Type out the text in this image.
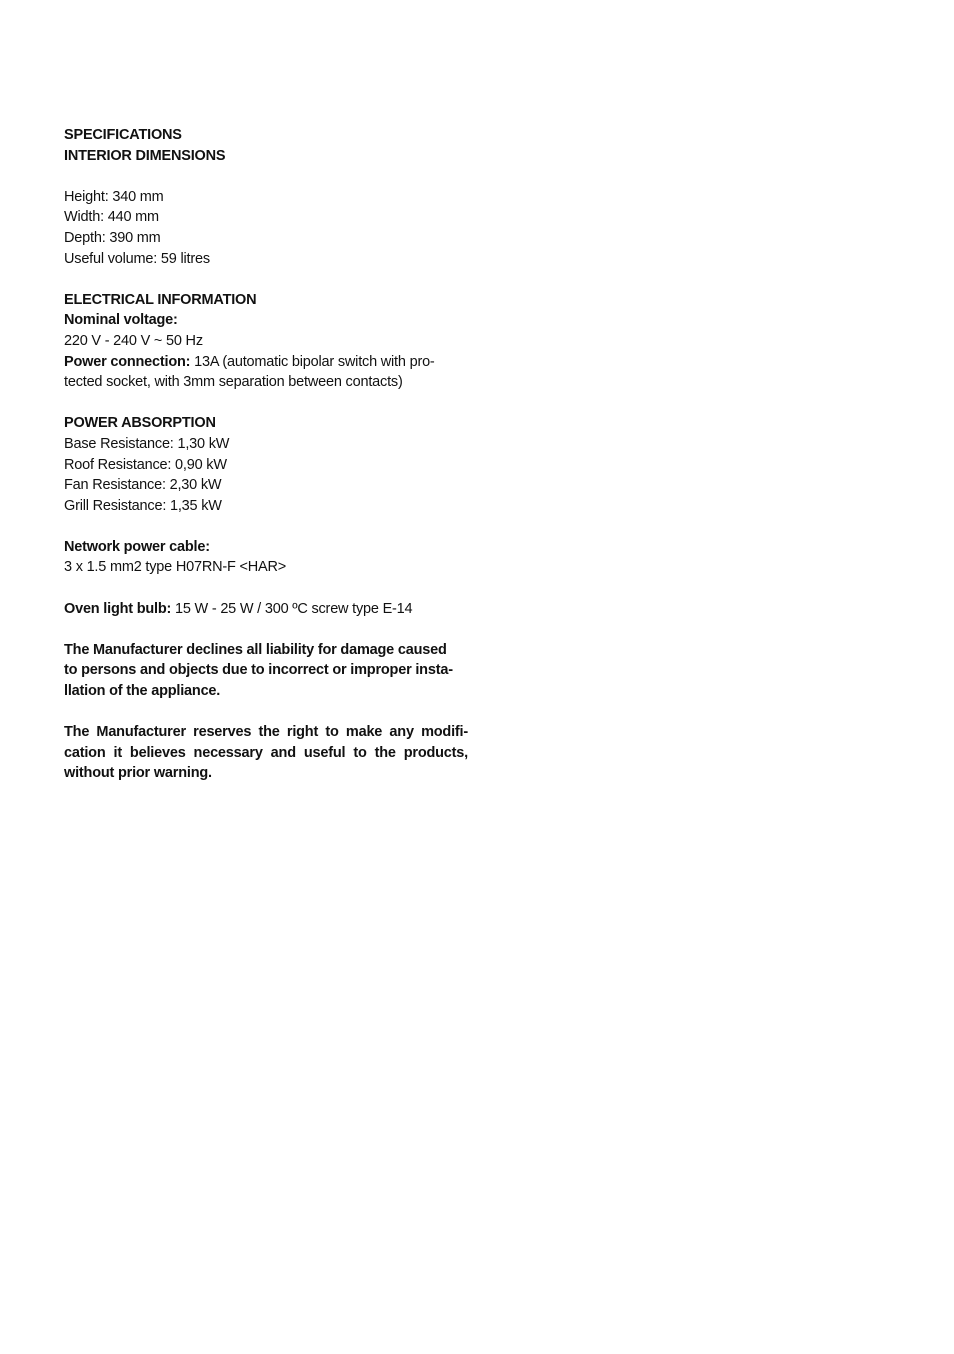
SPECIFICATIONS
INTERIOR DIMENSIONS
Height: 340 mm
Width: 440 mm
Depth: 390 mm
Useful volume: 59 litres
ELECTRICAL INFORMATION
Nominal voltage:
220 V - 240 V ~ 50 Hz
Power connection: 13A (automatic bipolar switch with pro-
tected socket, with 3mm separation between contacts)
POWER ABSORPTION
Base Resistance: 1,30 kW
Roof Resistance: 0,90 kW
Fan Resistance: 2,30 kW
Grill Resistance: 1,35 kW
Network power cable:
3 x 1.5 mm2 type H07RN-F <HAR>
Oven light bulb: 15 W - 25 W / 300 ºC screw type E-14
The Manufacturer declines all liability for damage caused
to persons and objects due to incorrect or improper insta-
llation of the appliance.
The Manufacturer reserves the right to make any modifi-
cation it believes necessary and useful to the products,
without prior warning.
